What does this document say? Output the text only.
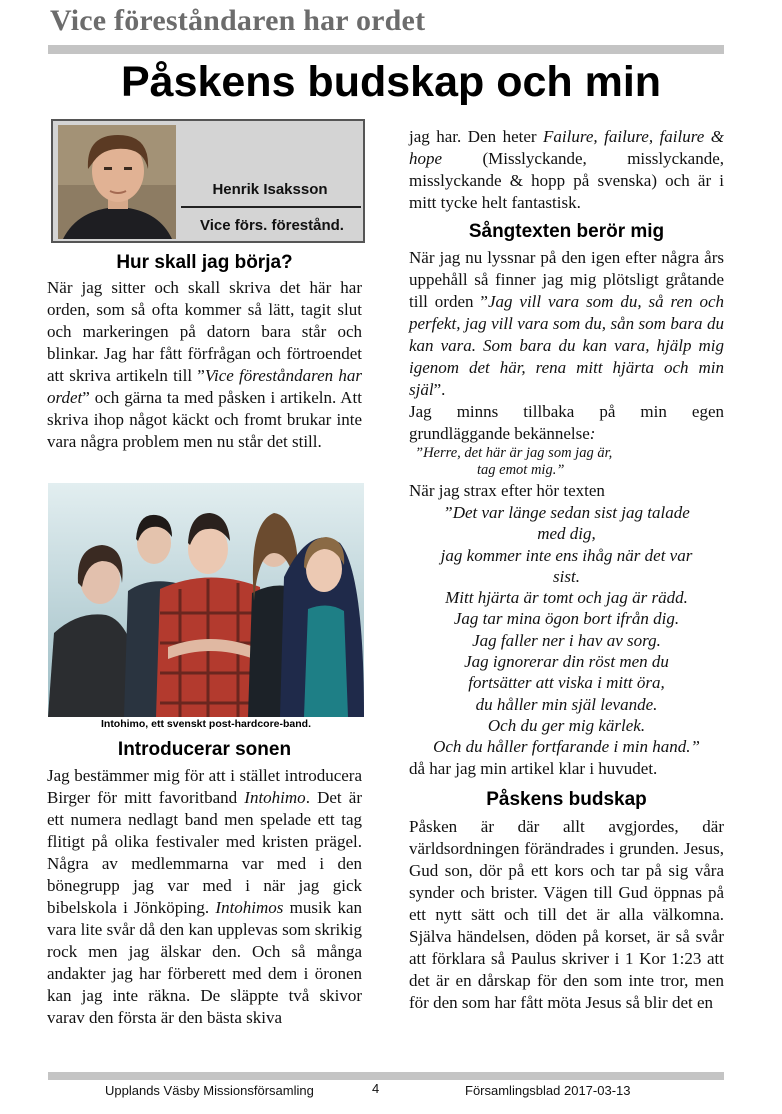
Vice föreståndaren har ordet
Påskens budskap och min
Henrik Isaksson
Vice förs. förestånd.
Hur skall jag börja?

När jag sitter och skall skriva det här har orden, som så ofta kommer så lätt, tagit slut och markeringen på datorn bara står och blinkar. Jag har fått förfrågan och förtroendet att skriva artikeln till ”Vice föreståndaren har ordet” och gärna ta med påsken i artikeln. Att skriva ihop något käckt och fromt brukar inte vara några problem men nu står det still.

Intohimo, ett svenskt post-hardcore-band.
Introducerar sonen

Jag bestämmer mig för att i stället introducera Birger för mitt favoritband Intohimo. Det är ett numera nedlagt band men spelade ett tag flitigt på olika festivaler med kristen prägel. Några av medlemmarna var med i den bönegrupp jag var med i när jag gick bibelskola i Jönköping. Intohimos musik kan vara lite svår då den kan upplevas som skrikig rock men jag älskar den. Och så många andakter jag har förberett med dem i öronen kan jag inte räkna. De släppte två skivor varav den första är den bästa skiva

jag har. Den heter Failure, failure, failure & hope (Misslyckande, misslyckande, misslyckande & hopp på svenska) och är i mitt tycke helt fantastisk.

Sångtexten berör mig

När jag nu lyssnar på den igen efter några års uppehåll så finner jag mig plötsligt gråtande till orden ”Jag vill vara som du, så ren och perfekt, jag vill vara som du, sån som bara du kan vara. Som bara du kan vara, hjälp mig igenom det här, rena mitt hjärta och min själ”.

Jag minns tillbaka på min egen grundläggande bekännelse:

”Herre, det här är jag som jag är,

tag emot mig.”

När jag strax efter hör texten

”Det var länge sedan sist jag talade

med dig,

jag kommer inte ens ihåg när det var

sist.

Mitt hjärta är tomt och jag är rädd.

Jag tar mina ögon bort ifrån dig.

Jag faller ner i hav av sorg.

Jag ignorerar din röst men du

fortsätter att viska i mitt öra,

du håller min själ levande.

Och du ger mig kärlek.

Och du håller fortfarande i min hand.”

då har jag min artikel klar i huvudet.

Påskens budskap

Påsken är där allt avgjordes, där världsordningen förändrades i grunden. Jesus, Gud son, dör på ett kors och tar på sig våra synder och brister. Vägen till Gud öppnas på ett nytt sätt och till det är alla välkomna. Själva händelsen, döden på korset, är så svår att förklara så Paulus skriver i 1 Kor 1:23 att det är en dårskap för den som inte tror, men för den som har fått möta Jesus så blir det en

Upplands Väsby Missionsförsamling	4	Församlingsblad 2017-03-13
